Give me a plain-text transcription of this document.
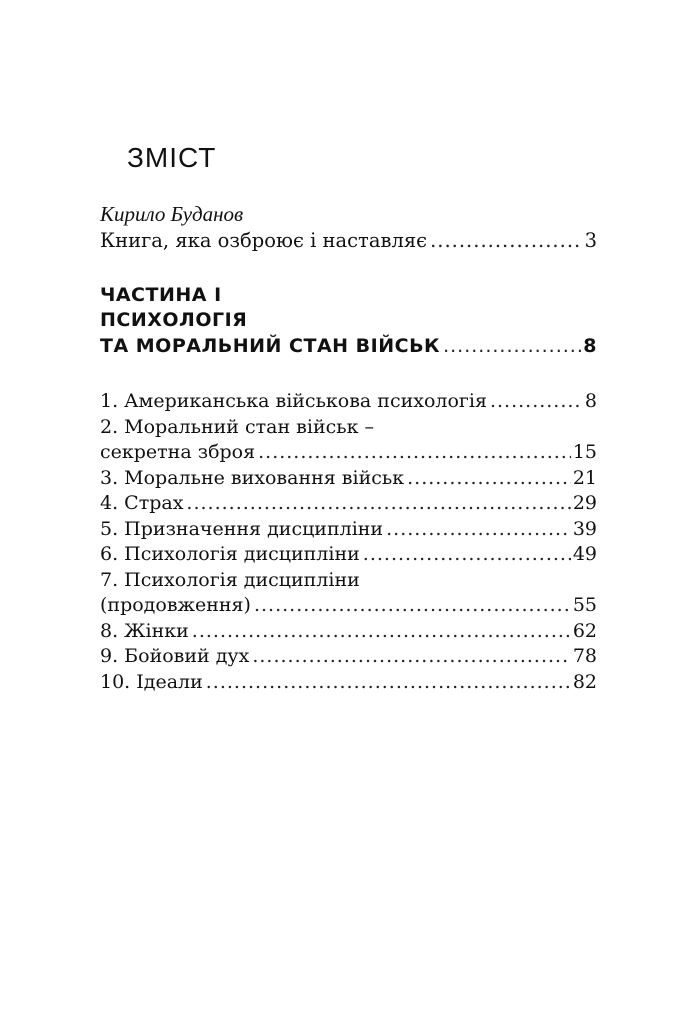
ЗМІСТ
Кирило Буданов
Книга, яка озброює і наставляє .....	3
ЧАСТИНА І
ПСИХОЛОГІЯ
ТА МОРАЛЬНИЙ СТАН ВІЙСЬК .....	8
1. Американська військова психологія .....	8
2. Моральний стан військ –
секретна зброя .....	15
3. Моральне виховання військ .....	21
4. Страх .....	29
5. Призначення дисципліни .....	39
6. Психологія дисципліни .....	49
7. Психологія дисципліни
(продовження) .....	55
8. Жінки .....	62
9. Бойовий дух .....	78
10. Ідеали .....	82
